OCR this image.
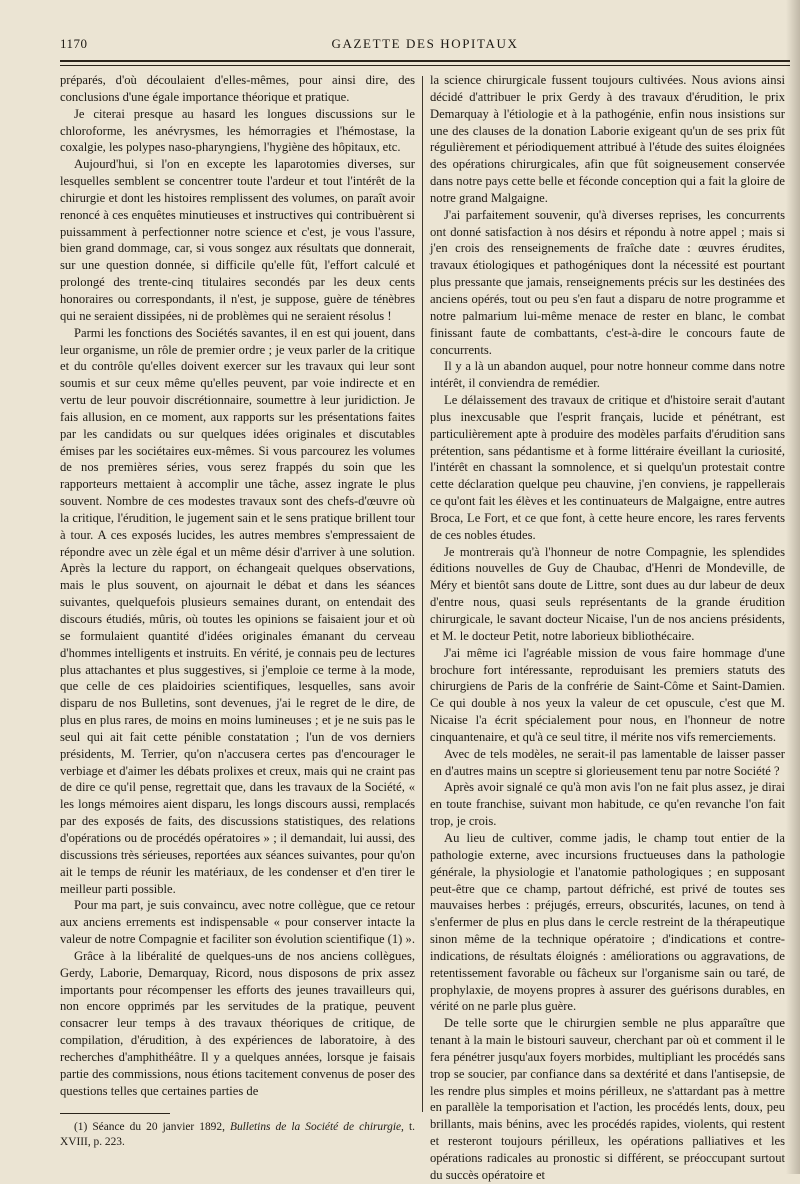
1170	GAZETTE DES HOPITAUX

préparés, d'où découlaient d'elles-mêmes, pour ainsi dire, des conclusions d'une égale importance théorique et pratique.

Je citerai presque au hasard les longues discussions sur le chloroforme, les anévrysmes, les hémorragies et l'hémostase, la coxalgie, les polypes naso-pharyngiens, l'hygiène des hôpitaux, etc.

Aujourd'hui, si l'on en excepte les laparotomies diverses, sur lesquelles semblent se concentrer toute l'ardeur et tout l'intérêt de la chirurgie et dont les histoires remplissent des volumes, on paraît avoir renoncé à ces enquêtes minutieuses et instructives qui contribuèrent si puissamment à perfectionner notre science et c'est, je vous l'assure, bien grand dommage, car, si vous songez aux résultats que donnerait, sur une question donnée, si difficile qu'elle fût, l'effort calculé et prolongé des trente-cinq titulaires secondés par les deux cents honoraires ou correspondants, il n'est, je suppose, guère de ténèbres qui ne seraient dissipées, ni de problèmes qui ne seraient résolus !

Parmi les fonctions des Sociétés savantes, il en est qui jouent, dans leur organisme, un rôle de premier ordre ; je veux parler de la critique et du contrôle qu'elles doivent exercer sur les travaux qui leur sont soumis et sur ceux même qu'elles peuvent, par voie indirecte et en vertu de leur pouvoir discrétionnaire, soumettre à leur juridiction. Je fais allusion, en ce moment, aux rapports sur les présentations faites par les candidats ou sur quelques idées originales et discutables émises par les sociétaires eux-mêmes. Si vous parcourez les volumes de nos premières séries, vous serez frappés du soin que les rapporteurs mettaient à accomplir une tâche, assez ingrate le plus souvent. Nombre de ces modestes travaux sont des chefs-d'œuvre où la critique, l'érudition, le jugement sain et le sens pratique brillent tour à tour. A ces exposés lucides, les autres membres s'empressaient de répondre avec un zèle égal et un même désir d'arriver à une solution. Après la lecture du rapport, on échangeait quelques observations, mais le plus souvent, on ajournait le débat et dans les séances suivantes, quelquefois plusieurs semaines durant, on entendait des discours étudiés, mûris, où toutes les opinions se faisaient jour et où se formulaient quantité d'idées originales émanant du cerveau d'hommes intelligents et instruits. En vérité, je connais peu de lectures plus attachantes et plus suggestives, si j'emploie ce terme à la mode, que celle de ces plaidoiries scientifiques, lesquelles, sans avoir disparu de nos Bulletins, sont devenues, j'ai le regret de le dire, de plus en plus rares, de moins en moins lumineuses ; et je ne suis pas le seul qui ait fait cette pénible constatation ; l'un de vos derniers présidents, M. Terrier, qu'on n'accusera certes pas d'encourager le verbiage et d'aimer les débats prolixes et creux, mais qui ne craint pas de dire ce qu'il pense, regrettait que, dans les travaux de la Société, « les longs mémoires aient disparu, les longs discours aussi, remplacés par des exposés de faits, des discussions statistiques, des relations d'opérations ou de procédés opératoires » ; il demandait, lui aussi, des discussions très sérieuses, reportées aux séances suivantes, pour qu'on ait le temps de réunir les matériaux, de les condenser et d'en tirer le meilleur parti possible.

Pour ma part, je suis convaincu, avec notre collègue, que ce retour aux anciens errements est indispensable « pour conserver intacte la valeur de notre Compagnie et faciliter son évolution scientifique (1) ».

Grâce à la libéralité de quelques-uns de nos anciens collègues, Gerdy, Laborie, Demarquay, Ricord, nous disposons de prix assez importants pour récompenser les efforts des jeunes travailleurs qui, non encore opprimés par les servitudes de la pratique, peuvent consacrer leur temps à des travaux théoriques de critique, de compilation, d'érudition, à des expériences de laboratoire, à des recherches d'amphithéâtre. Il y a quelques années, lorsque je faisais partie des commissions, nous étions tacitement convenus de poser des questions telles que certaines parties de

(1) Séance du 20 janvier 1892, Bulletins de la Société de chirurgie, t. XVIII, p. 223.

la science chirurgicale fussent toujours cultivées. Nous avions ainsi décidé d'attribuer le prix Gerdy à des travaux d'érudition, le prix Demarquay à l'étiologie et à la pathogénie, enfin nous insistions sur une des clauses de la donation Laborie exigeant qu'un de ses prix fût régulièrement et périodiquement attribué à l'étude des suites éloignées des opérations chirurgicales, afin que fût soigneusement conservée dans notre pays cette belle et féconde conception qui a fait la gloire de notre grand Malgaigne.

J'ai parfaitement souvenir, qu'à diverses reprises, les concurrents ont donné satisfaction à nos désirs et répondu à notre appel ; mais si j'en crois des renseignements de fraîche date : œuvres érudites, travaux étiologiques et pathogéniques dont la nécessité est pourtant plus pressante que jamais, renseignements précis sur les destinées des anciens opérés, tout ou peu s'en faut a disparu de notre programme et notre palmarium lui-même menace de rester en blanc, le combat finissant faute de combattants, c'est-à-dire le concours faute de concurrents.

Il y a là un abandon auquel, pour notre honneur comme dans notre intérêt, il conviendra de remédier.

Le délaissement des travaux de critique et d'histoire serait d'autant plus inexcusable que l'esprit français, lucide et pénétrant, est particulièrement apte à produire des modèles parfaits d'érudition sans prétention, sans pédantisme et à forme littéraire éveillant la curiosité, l'intérêt en chassant la somnolence, et si quelqu'un protestait contre cette déclaration quelque peu chauvine, j'en conviens, je rappellerais ce qu'ont fait les élèves et les continuateurs de Malgaigne, entre autres Broca, Le Fort, et ce que font, à cette heure encore, les rares fervents de ces nobles études.

Je montrerais qu'à l'honneur de notre Compagnie, les splendides éditions nouvelles de Guy de Chaubac, d'Henri de Mondeville, de Méry et bientôt sans doute de Littre, sont dues au dur labeur de deux d'entre nous, quasi seuls représentants de la grande érudition chirurgicale, le savant docteur Nicaise, l'un de nos anciens présidents, et M. le docteur Petit, notre laborieux bibliothécaire.

J'ai même ici l'agréable mission de vous faire hommage d'une brochure fort intéressante, reproduisant les premiers statuts des chirurgiens de Paris de la confrérie de Saint-Côme et Saint-Damien. Ce qui double à nos yeux la valeur de cet opuscule, c'est que M. Nicaise l'a écrit spécialement pour nous, en l'honneur de notre cinquantenaire, et qu'à ce seul titre, il mérite nos vifs remerciements.

Avec de tels modèles, ne serait-il pas lamentable de laisser passer en d'autres mains un sceptre si glorieusement tenu par notre Société ?

Après avoir signalé ce qu'à mon avis l'on ne fait plus assez, je dirai en toute franchise, suivant mon habitude, ce qu'en revanche l'on fait trop, je crois.

Au lieu de cultiver, comme jadis, le champ tout entier de la pathologie externe, avec incursions fructueuses dans la pathologie générale, la physiologie et l'anatomie pathologiques ; en supposant peut-être que ce champ, partout défriché, est privé de toutes ses mauvaises herbes : préjugés, erreurs, obscurités, lacunes, on tend à s'enfermer de plus en plus dans le cercle restreint de la thérapeutique sinon même de la technique opératoire ; d'indications et contre-indications, de résultats éloignés : améliorations ou aggravations, de retentissement favorable ou fâcheux sur l'organisme sain ou taré, de prophylaxie, de moyens propres à assurer des guérisons durables, en vérité on ne parle plus guère.

De telle sorte que le chirurgien semble ne plus apparaître que tenant à la main le bistouri sauveur, cherchant par où et comment il le fera pénétrer jusqu'aux foyers morbides, multipliant les procédés sans trop se soucier, par confiance dans sa dextérité et dans l'antisepsie, de les rendre plus simples et moins périlleux, ne s'attardant pas à mettre en parallèle la temporisation et l'action, les procédés lents, doux, peu brillants, mais bénins, avec les procédés rapides, violents, qui restent et resteront toujours périlleux, les opérations palliatives et les opérations radicales au pronostic si différent, se préoccupant surtout du succès opératoire et
